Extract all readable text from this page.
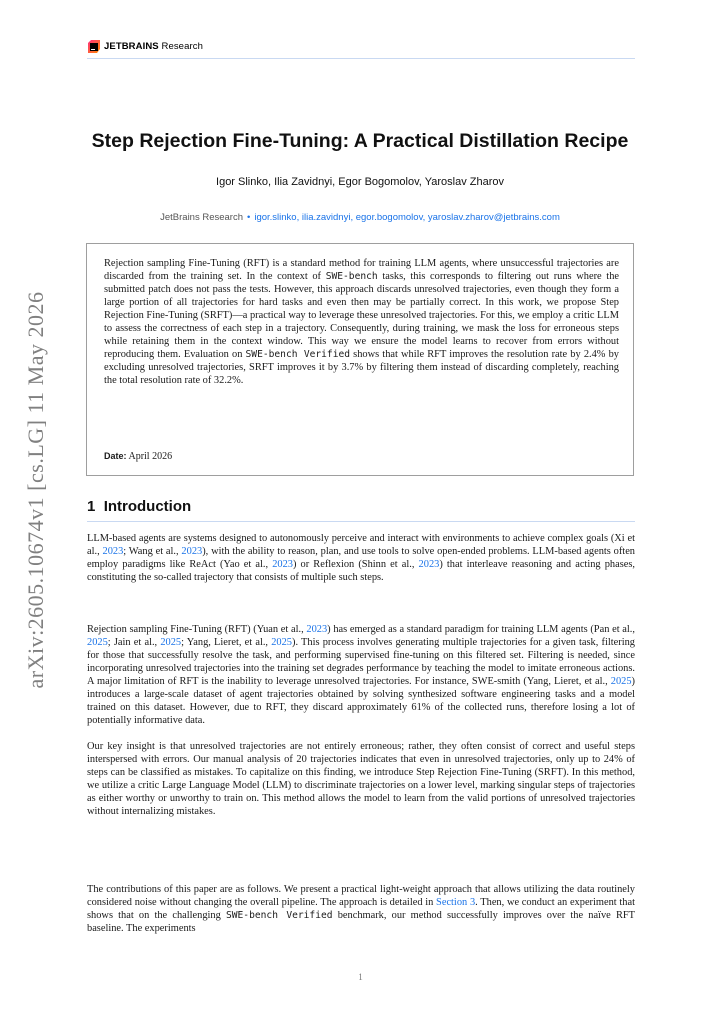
JETBRAINS Research
arXiv:2605.10674v1 [cs.LG] 11 May 2026
Step Rejection Fine-Tuning: A Practical Distillation Recipe
Igor Slinko, Ilia Zavidnyi, Egor Bogomolov, Yaroslav Zharov
JetBrains Research • igor.slinko, ilia.zavidnyi, egor.bogomolov, yaroslav.zharov@jetbrains.com
Rejection sampling Fine-Tuning (RFT) is a standard method for training LLM agents, where unsuccessful trajectories are discarded from the training set. In the context of SWE-bench tasks, this corresponds to filtering out runs where the submitted patch does not pass the tests. However, this approach discards unresolved trajectories, even though they form a large portion of all trajectories for hard tasks and even then may be partially correct. In this work, we propose Step Rejection Fine-Tuning (SRFT)—a practical way to leverage these unresolved trajectories. For this, we employ a critic LLM to assess the correctness of each step in a trajectory. Consequently, during training, we mask the loss for erroneous steps while retaining them in the context window. This way we ensure the model learns to recover from errors without reproducing them. Evaluation on SWE-bench Verified shows that while RFT improves the resolution rate by 2.4% by excluding unresolved trajectories, SRFT improves it by 3.7% by filtering them instead of discarding completely, reaching the total resolution rate of 32.2%.
Date: April 2026
1 Introduction

LLM-based agents are systems designed to autonomously perceive and interact with environments to achieve complex goals (Xi et al., 2023; Wang et al., 2023), with the ability to reason, plan, and use tools to solve open-ended problems. LLM-based agents often employ paradigms like ReAct (Yao et al., 2023) or Reflexion (Shinn et al., 2023) that interleave reasoning and acting phases, constituting the so-called trajectory that consists of multiple such steps.

Rejection sampling Fine-Tuning (RFT) (Yuan et al., 2023) has emerged as a standard paradigm for training LLM agents (Pan et al., 2025; Jain et al., 2025; Yang, Lieret, et al., 2025). This process involves generating multiple trajectories for a given task, filtering for those that successfully resolve the task, and performing supervised fine-tuning on this filtered set. Filtering is needed, since incorporating unresolved trajectories into the training set degrades performance by teaching the model to imitate erroneous actions. A major limitation of RFT is the inability to leverage unresolved trajectories. For instance, SWE-smith (Yang, Lieret, et al., 2025) introduces a large-scale dataset of agent trajectories obtained by solving synthesized software engineering tasks and a model trained on this dataset. However, due to RFT, they discard approximately 61% of the collected runs, therefore losing a lot of potentially informative data.

Our key insight is that unresolved trajectories are not entirely erroneous; rather, they often consist of correct and useful steps interspersed with errors. Our manual analysis of 20 trajectories indicates that even in unresolved trajectories, only up to 24% of steps can be classified as mistakes. To capitalize on this finding, we introduce Step Rejection Fine-Tuning (SRFT). In this method, we utilize a critic Large Language Model (LLM) to discriminate trajectories on a lower level, marking singular steps of trajectories as either worthy or unworthy to train on. This method allows the model to learn from the valid portions of unresolved trajectories without internalizing mistakes.

The contributions of this paper are as follows. We present a practical light-weight approach that allows utilizing the data routinely considered noise without changing the overall pipeline. The approach is detailed in Section 3. Then, we conduct an experiment that shows that on the challenging SWE-bench Verified benchmark, our method successfully improves over the naïve RFT baseline. The experiments

1
